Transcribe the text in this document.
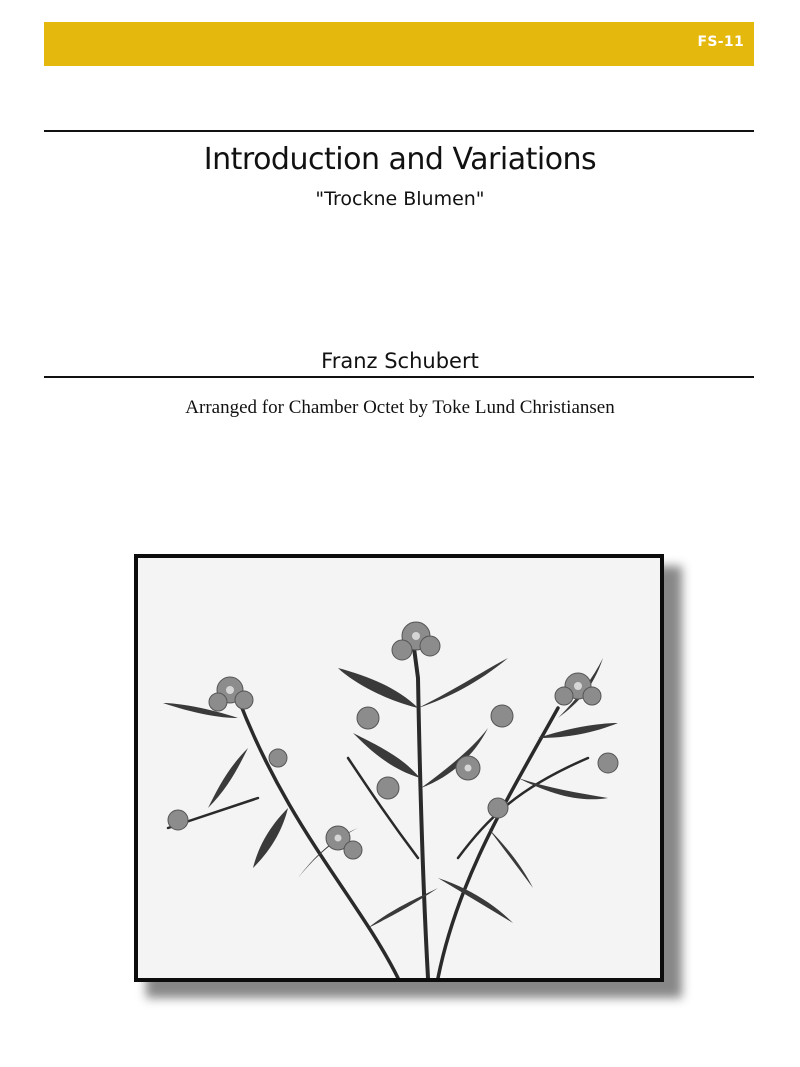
FS-11
Introduction and Variations
"Trockne Blumen"
Franz Schubert
Arranged for Chamber Octet by Toke Lund Christiansen
